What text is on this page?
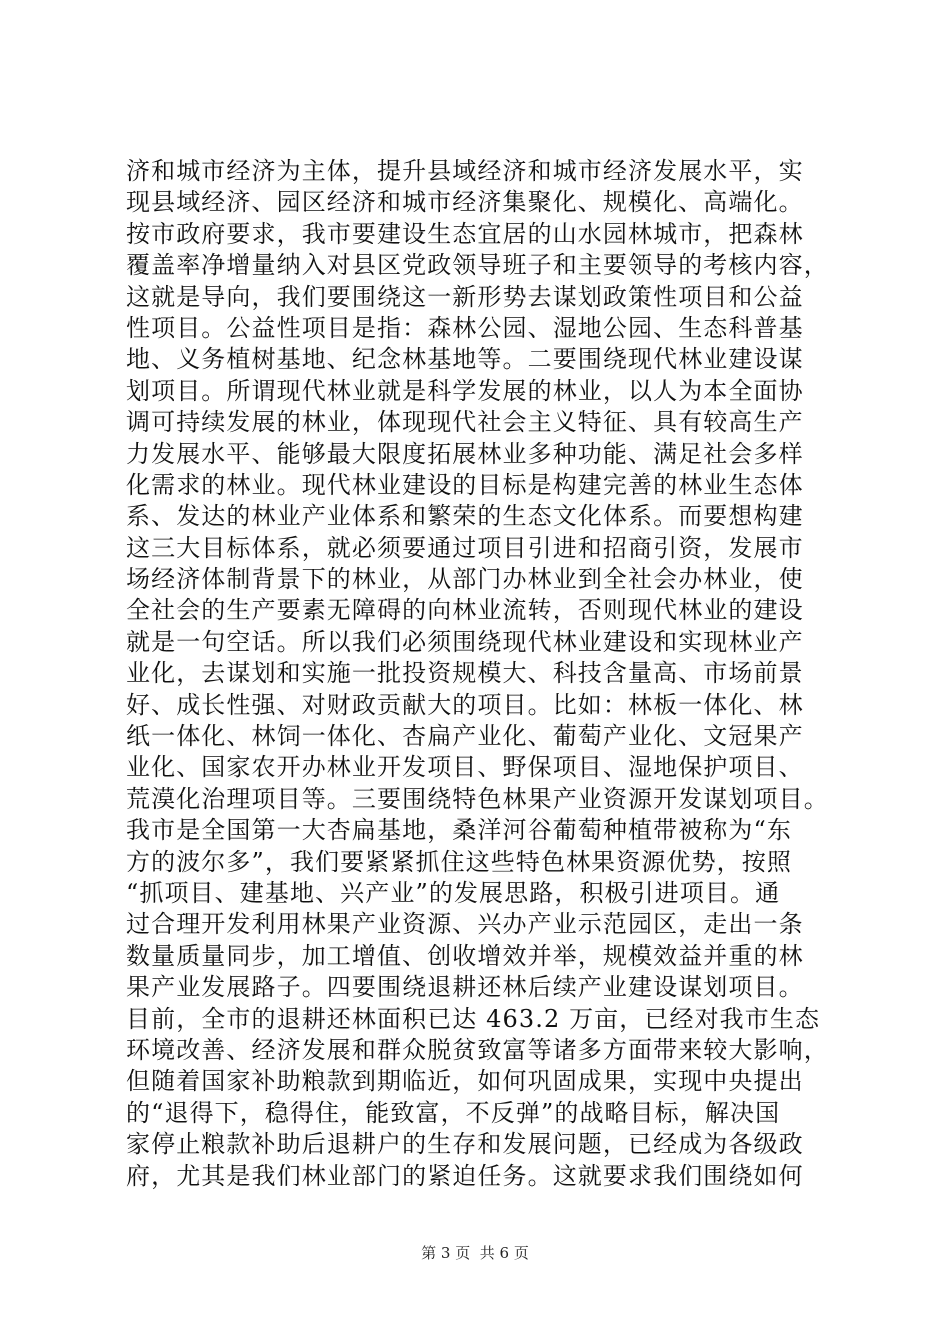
济和城市经济为主体，提升县域经济和城市经济发展水平，实
现县域经济、园区经济和城市经济集聚化、规模化、高端化。
按市政府要求，我市要建设生态宜居的山水园林城市，把森林
覆盖率净增量纳入对县区党政领导班子和主要领导的考核内容，
这就是导向，我们要围绕这一新形势去谋划政策性项目和公益
性项目。公益性项目是指：森林公园、湿地公园、生态科普基
地、义务植树基地、纪念林基地等。二要围绕现代林业建设谋
划项目。所谓现代林业就是科学发展的林业，以人为本全面协
调可持续发展的林业，体现现代社会主义特征、具有较高生产
力发展水平、能够最大限度拓展林业多种功能、满足社会多样
化需求的林业。现代林业建设的目标是构建完善的林业生态体
系、发达的林业产业体系和繁荣的生态文化体系。而要想构建
这三大目标体系，就必须要通过项目引进和招商引资，发展市
场经济体制背景下的林业，从部门办林业到全社会办林业，使
全社会的生产要素无障碍的向林业流转，否则现代林业的建设
就是一句空话。所以我们必须围绕现代林业建设和实现林业产
业化，去谋划和实施一批投资规模大、科技含量高、市场前景
好、成长性强、对财政贡献大的项目。比如：林板一体化、林
纸一体化、林饲一体化、杏扁产业化、葡萄产业化、文冠果产
业化、国家农开办林业开发项目、野保项目、湿地保护项目、
荒漠化治理项目等。三要围绕特色林果产业资源开发谋划项目。
我市是全国第一大杏扁基地，桑洋河谷葡萄种植带被称为“东
方的波尔多”，我们要紧紧抓住这些特色林果资源优势，按照
“抓项目、建基地、兴产业”的发展思路，积极引进项目。通
过合理开发利用林果产业资源、兴办产业示范园区，走出一条
数量质量同步，加工增值、创收增效并举，规模效益并重的林
果产业发展路子。四要围绕退耕还林后续产业建设谋划项目。
目前，全市的退耕还林面积已达 463.2 万亩，已经对我市生态
环境改善、经济发展和群众脱贫致富等诸多方面带来较大影响，
但随着国家补助粮款到期临近，如何巩固成果，实现中央提出
的“退得下，稳得住，能致富，不反弹”的战略目标，解决国
家停止粮款补助后退耕户的生存和发展问题，已经成为各级政
府，尤其是我们林业部门的紧迫任务。这就要求我们围绕如何
第 3 页  共 6 页
